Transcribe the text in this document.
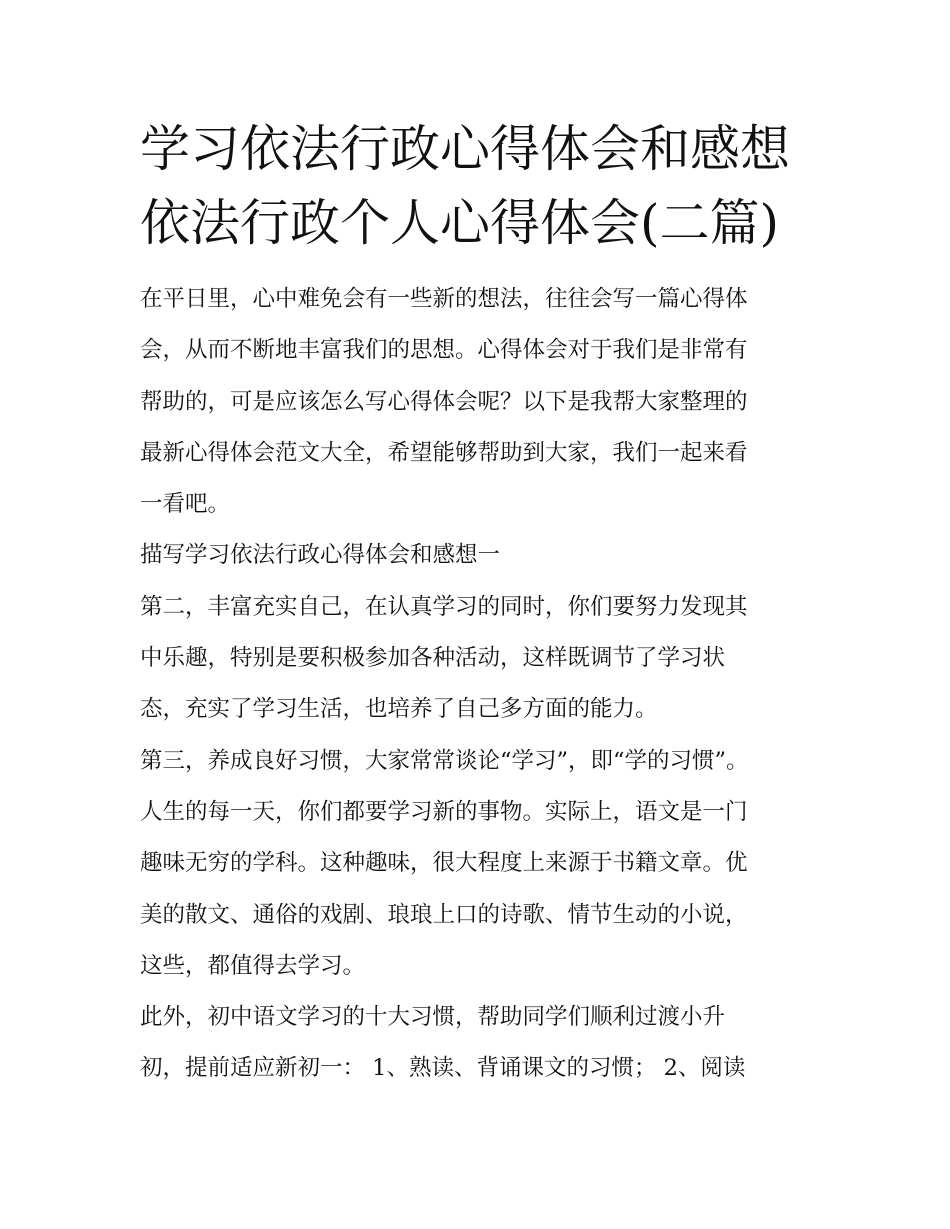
学习依法行政心得体会和感想
依法行政个人心得体会(二篇)

在平日里，心中难免会有一些新的想法，往往会写一篇心得体
会，从而不断地丰富我们的思想。心得体会对于我们是非常有
帮助的，可是应该怎么写心得体会呢？以下是我帮大家整理的
最新心得体会范文大全，希望能够帮助到大家，我们一起来看
一看吧。

描写学习依法行政心得体会和感想一

第二，丰富充实自己，在认真学习的同时，你们要努力发现其
中乐趣，特别是要积极参加各种活动，这样既调节了学习状
态，充实了学习生活，也培养了自己多方面的能力。

第三，养成良好习惯，大家常常谈论“学习”，即“学的习惯”。
人生的每一天，你们都要学习新的事物。实际上，语文是一门
趣味无穷的学科。这种趣味，很大程度上来源于书籍文章。优
美的散文、通俗的戏剧、琅琅上口的诗歌、情节生动的小说，
这些，都值得去学习。

此外，初中语文学习的十大习惯，帮助同学们顺利过渡小升
初，提前适应新初一： 1、熟读、背诵课文的习惯； 2、阅读
